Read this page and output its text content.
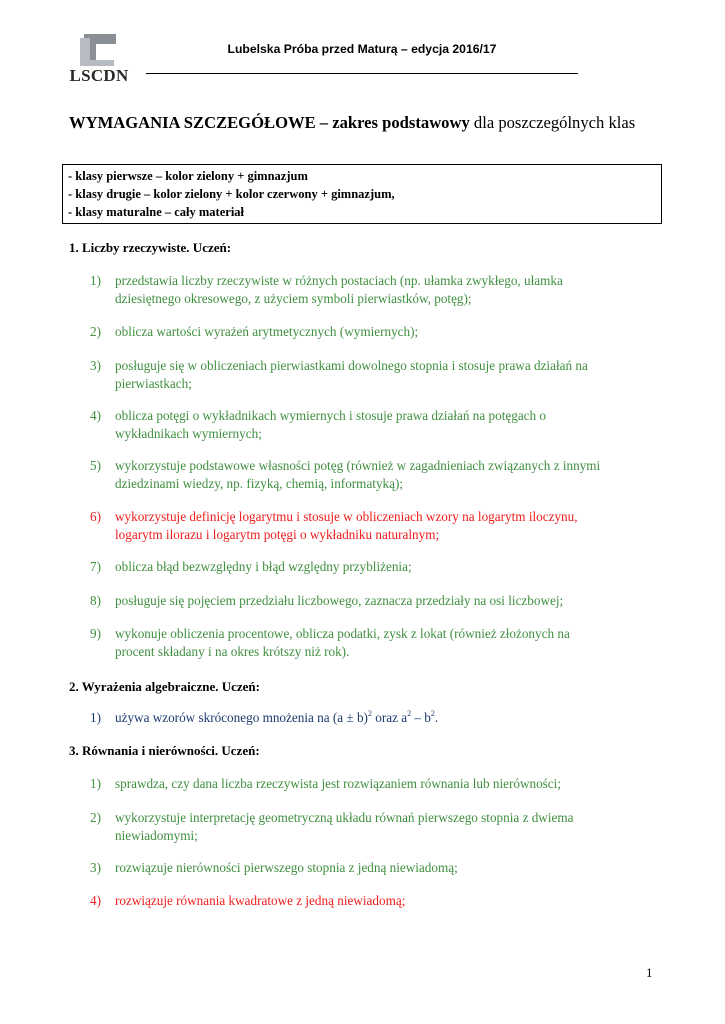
LSCDN
Lubelska Próba przed Maturą – edycja 2016/17
WYMAGANIA SZCZEGÓŁOWE – zakres podstawowy dla poszczególnych klas
- klasy pierwsze – kolor zielony + gimnazjum
- klasy drugie – kolor zielony + kolor czerwony + gimnazjum,
- klasy maturalne – cały materiał
1. Liczby rzeczywiste. Uczeń:
1)	przedstawia liczby rzeczywiste w różnych postaciach (np. ułamka zwykłego, ułamka
dziesiętnego okresowego, z użyciem symboli pierwiastków, potęg);
2)	oblicza wartości wyrażeń arytmetycznych (wymiernych);
3)	posługuje się w obliczeniach pierwiastkami dowolnego stopnia i stosuje prawa działań na
pierwiastkach;
4)	oblicza potęgi o wykładnikach wymiernych i stosuje prawa działań na potęgach o
wykładnikach wymiernych;
5)	wykorzystuje podstawowe własności potęg (również w zagadnieniach związanych z innymi
dziedzinami wiedzy, np. fizyką, chemią, informatyką);
6)	wykorzystuje definicję logarytmu i stosuje w obliczeniach wzory na logarytm iloczynu,
logarytm ilorazu i logarytm potęgi o wykładniku naturalnym;
7)	oblicza błąd bezwzględny i błąd względny przybliżenia;
8)	posługuje się pojęciem przedziału liczbowego, zaznacza przedziały na osi liczbowej;
9)	wykonuje obliczenia procentowe, oblicza podatki, zysk z lokat (również złożonych na
procent składany i na okres krótszy niż rok).
2. Wyrażenia algebraiczne. Uczeń:
1)	używa wzorów skróconego mnożenia na $(a \pm b)^2$ oraz $a^2 - b^2$.
3. Równania i nierówności. Uczeń:
1)	sprawdza, czy dana liczba rzeczywista jest rozwiązaniem równania lub nierówności;
2)	wykorzystuje interpretację geometryczną układu równań pierwszego stopnia z dwiema
niewiadomymi;
3)	rozwiązuje nierówności pierwszego stopnia z jedną niewiadomą;
4)	rozwiązuje równania kwadratowe z jedną niewiadomą;
1
